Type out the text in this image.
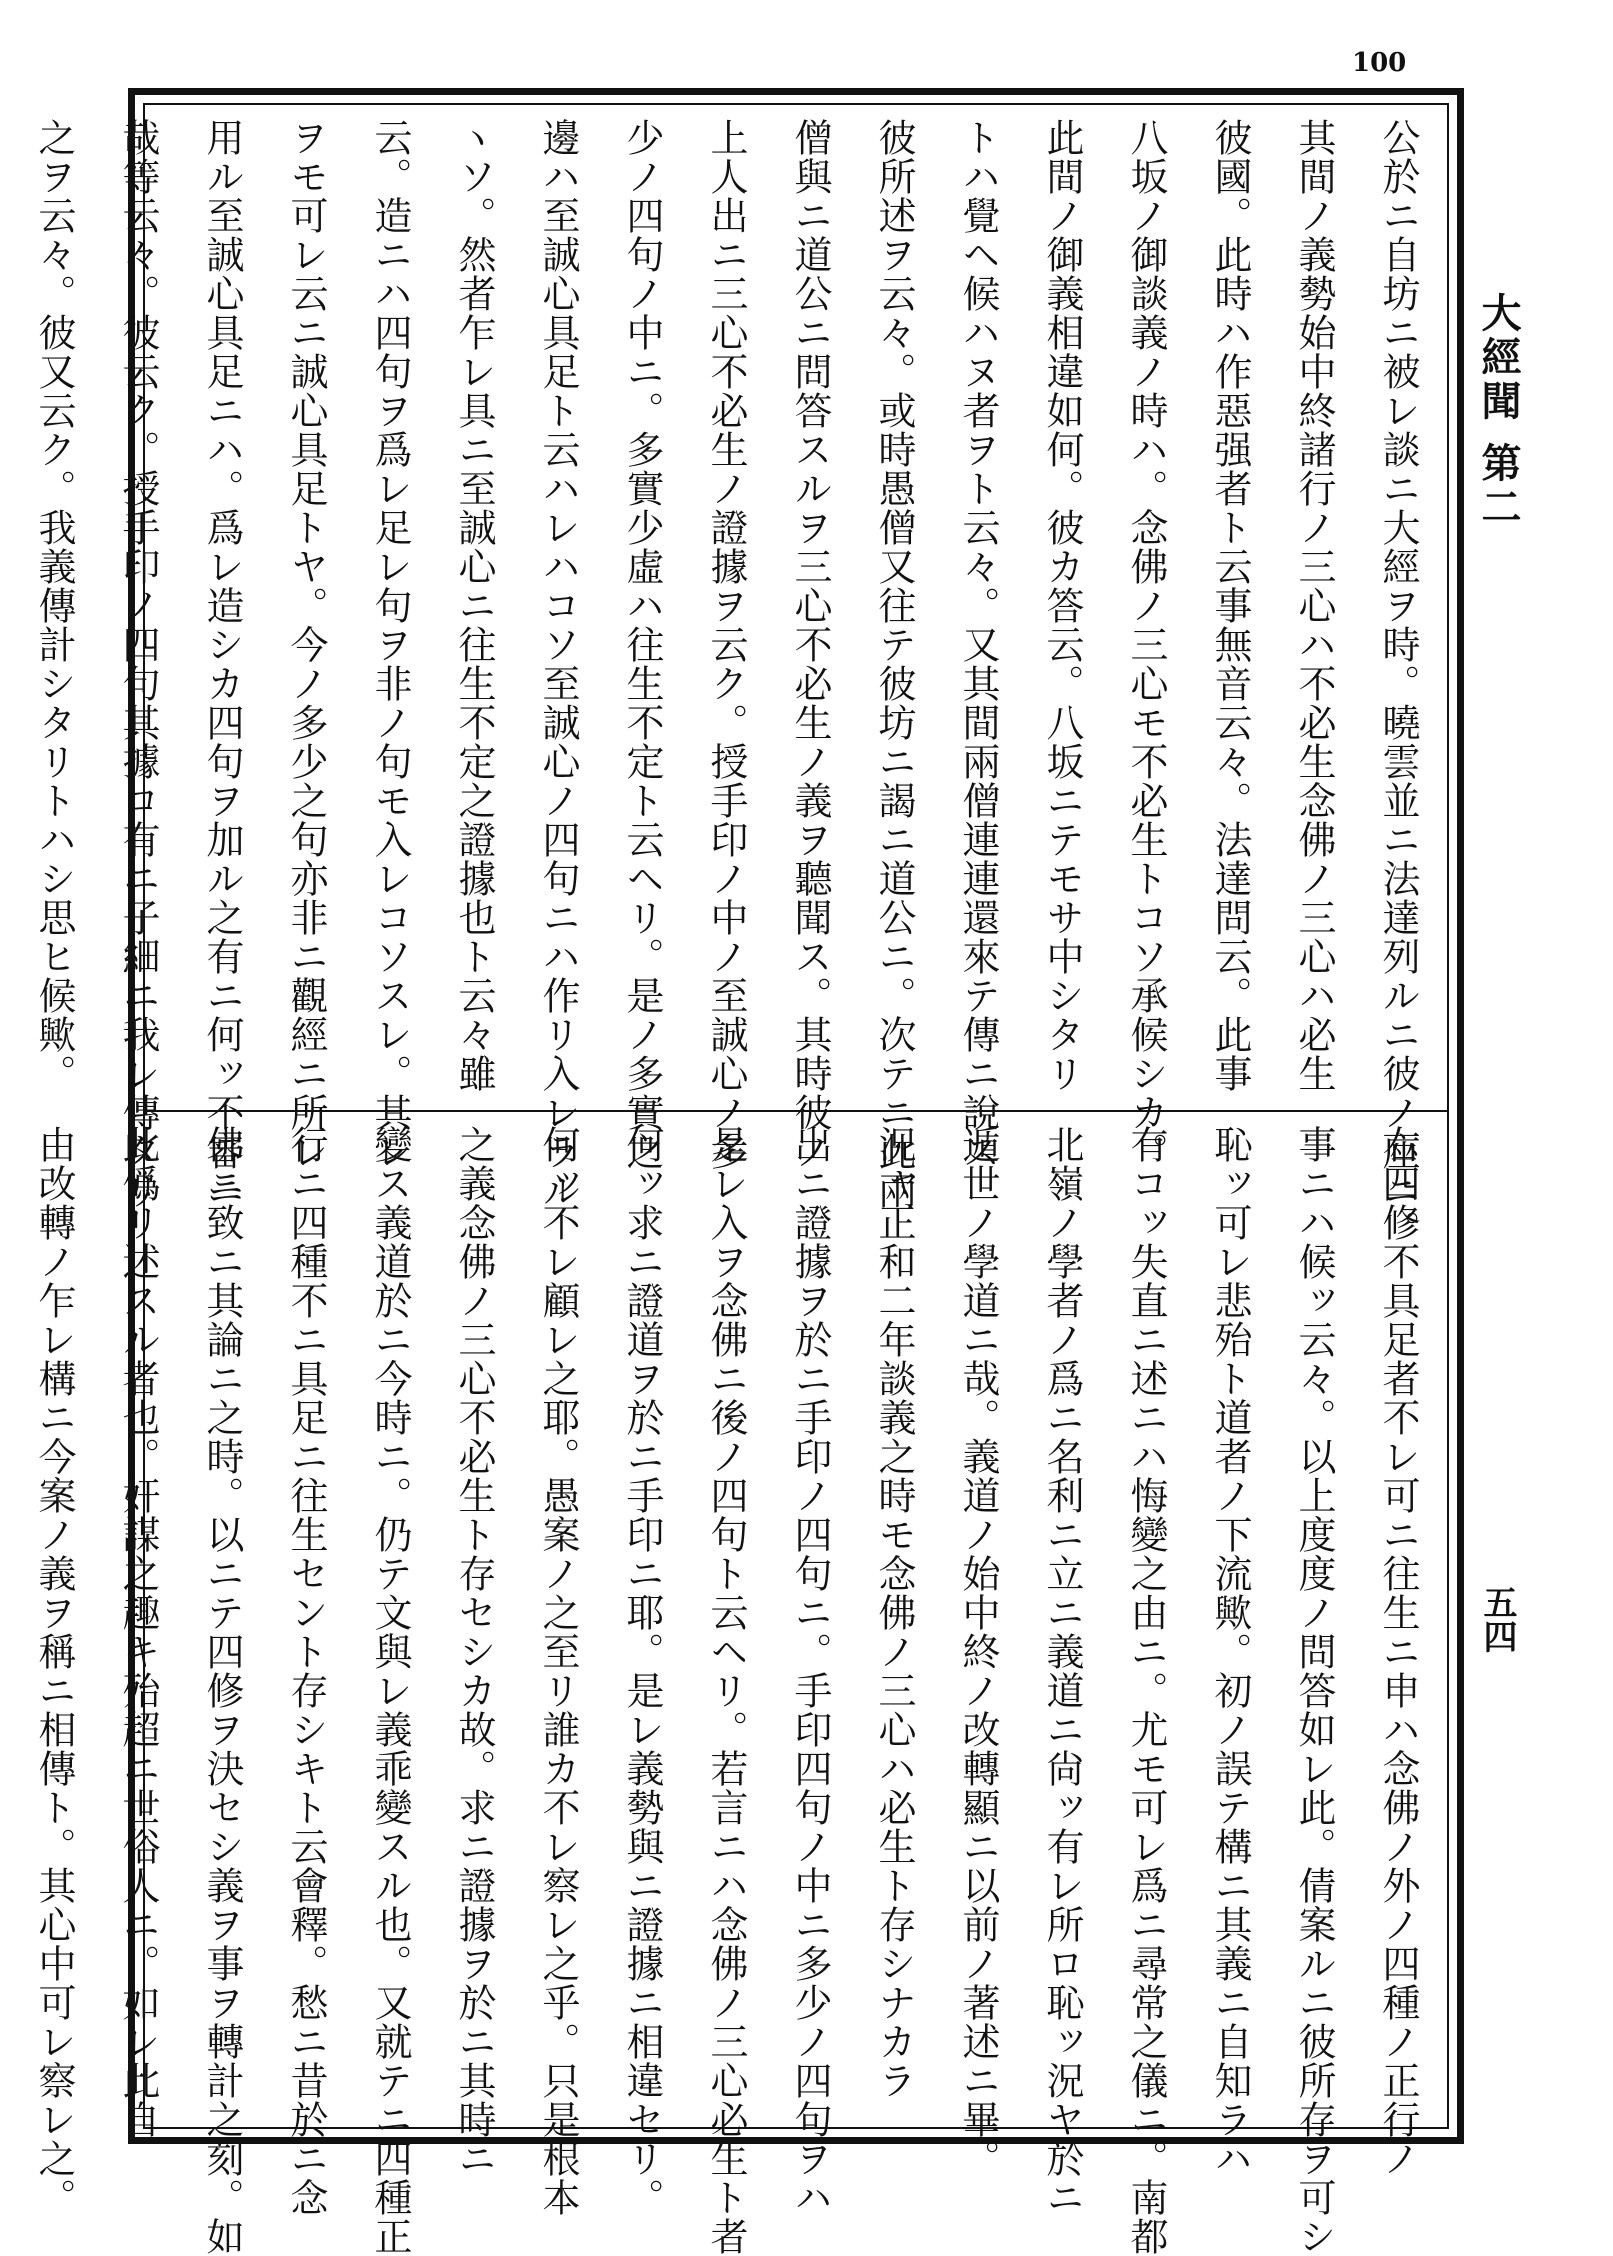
100
大經聞 第二
五四
公於ニ自坊ニ被レ談ニ大經ヲ時。曉雲並ニ法達列ルニ彼ノ座ニ。
其間ノ義勢始中終諸行ノ三心ハ不必生念佛ノ三心ハ必生
彼國。此時ハ作惡强者ト云事無音云々。法達問云。此事
八坂ノ御談義ノ時ハ。念佛ノ三心モ不必生トコソ承候シカ。
此間ノ御義相違如何。彼カ答云。八坂ニテモサ中シタリ
トハ覺ヘ候ハヌ者ヲト云々。又其間兩僧連連還來テ傳ニ說ス
彼所述ヲ云々。或時愚僧又往テ彼坊ニ謁ニ道公ニ。次テニ此兩
僧與ニ道公ニ問答スルヲ三心不必生ノ義ヲ聽聞ス。其時彼ノ
上人出ニ三心不必生ノ證據ヲ云ク。授手印ノ中ノ至誠心ノ多
少ノ四句ノ中ニ。多實少虛ハ往生不定ト云ヘリ。是ノ多實之
邊ハ至誠心具足ト云ハレハコソ至誠心ノ四句ニハ作リ入レラル
ヽソ。然者乍レ具ニ至誠心ニ往生不定之證據也ト云々雖
云。造ニハ四句ヲ爲レ足レ句ヲ非ノ句モ入レコソスレ。其レ
ヲモ可レ云ニ誠心具足トヤ。今ノ多少之句亦非ニ觀經ニ所レ
用ル至誠心具足ニハ。爲レ造シカ四句ヲ加ル之有ニ何ッ不審ニ
哉等云々。彼云ク。授手印ノ四句其據ロ有ニ子細ニ我レ傳タリ
之ヲ云々。彼又云ク。我義傳計シタリトハシ思ヒ候歟。
右四修不具足者不レ可ニ往生ニ申ハ念佛ノ外ノ四種ノ正行ノ
事ニハ候ッ云々。以上度度ノ問答如レ此。倩案ルニ彼所存ヲ可シ
恥ッ可レ悲殆ト道者ノ下流歟。初ノ誤テ構ニ其義ニ自知ラハ
有コッ失直ニ述ニハ悔變之由ニ。尤モ可レ爲ニ尋常之儀ニ。南都
北嶺ノ學者ノ爲ニ名利ニ立ニ義道ニ尙ッ有レ所ロ恥ッ況ヤ於ニ
遁世ノ學道ニ哉。義道ノ始中終ノ改轉顯ニ以前ノ著述ニ畢。
況ャ正和二年談義之時モ念佛ノ三心ハ必生ト存シナカラ
出ニ證據ヲ於ニ手印ノ四句ニ。手印四句ノ中ニ多少ノ四句ヲハ
是レ入ヲ念佛ニ後ノ四句ト云ヘリ。若言ニハ念佛ノ三心必生ト者
何ッ求ニ證道ヲ於ニ手印ニ耶。是レ義勢與ニ證據ニ相違セリ。
何ッ不レ顧レ之耶。愚案ノ之至リ誰カ不レ察レ之乎。只是根本
之義念佛ノ三心不必生ト存セシカ故。求ニ證據ヲ於ニ其時ニ
變ス義道於ニ今時ニ。仍テ文與レ義乖變スル也。又就テニ四種正
行ニ四種不ニ具足ニ往生セント存シキト云會釋。愁ニ昔於ニ念
佛ニ致ニ其論ニ之時。以ニテ四修ヲ決セシ義ヲ事ヲ轉計之刻。如
此僞リ述スル者也。奸謀之趣キ殆超ニ世俗人ニ。如レ此自
由改轉ノ乍レ構ニ今案ノ義ヲ稱ニ相傳ト。其心中可レ察レ之。
